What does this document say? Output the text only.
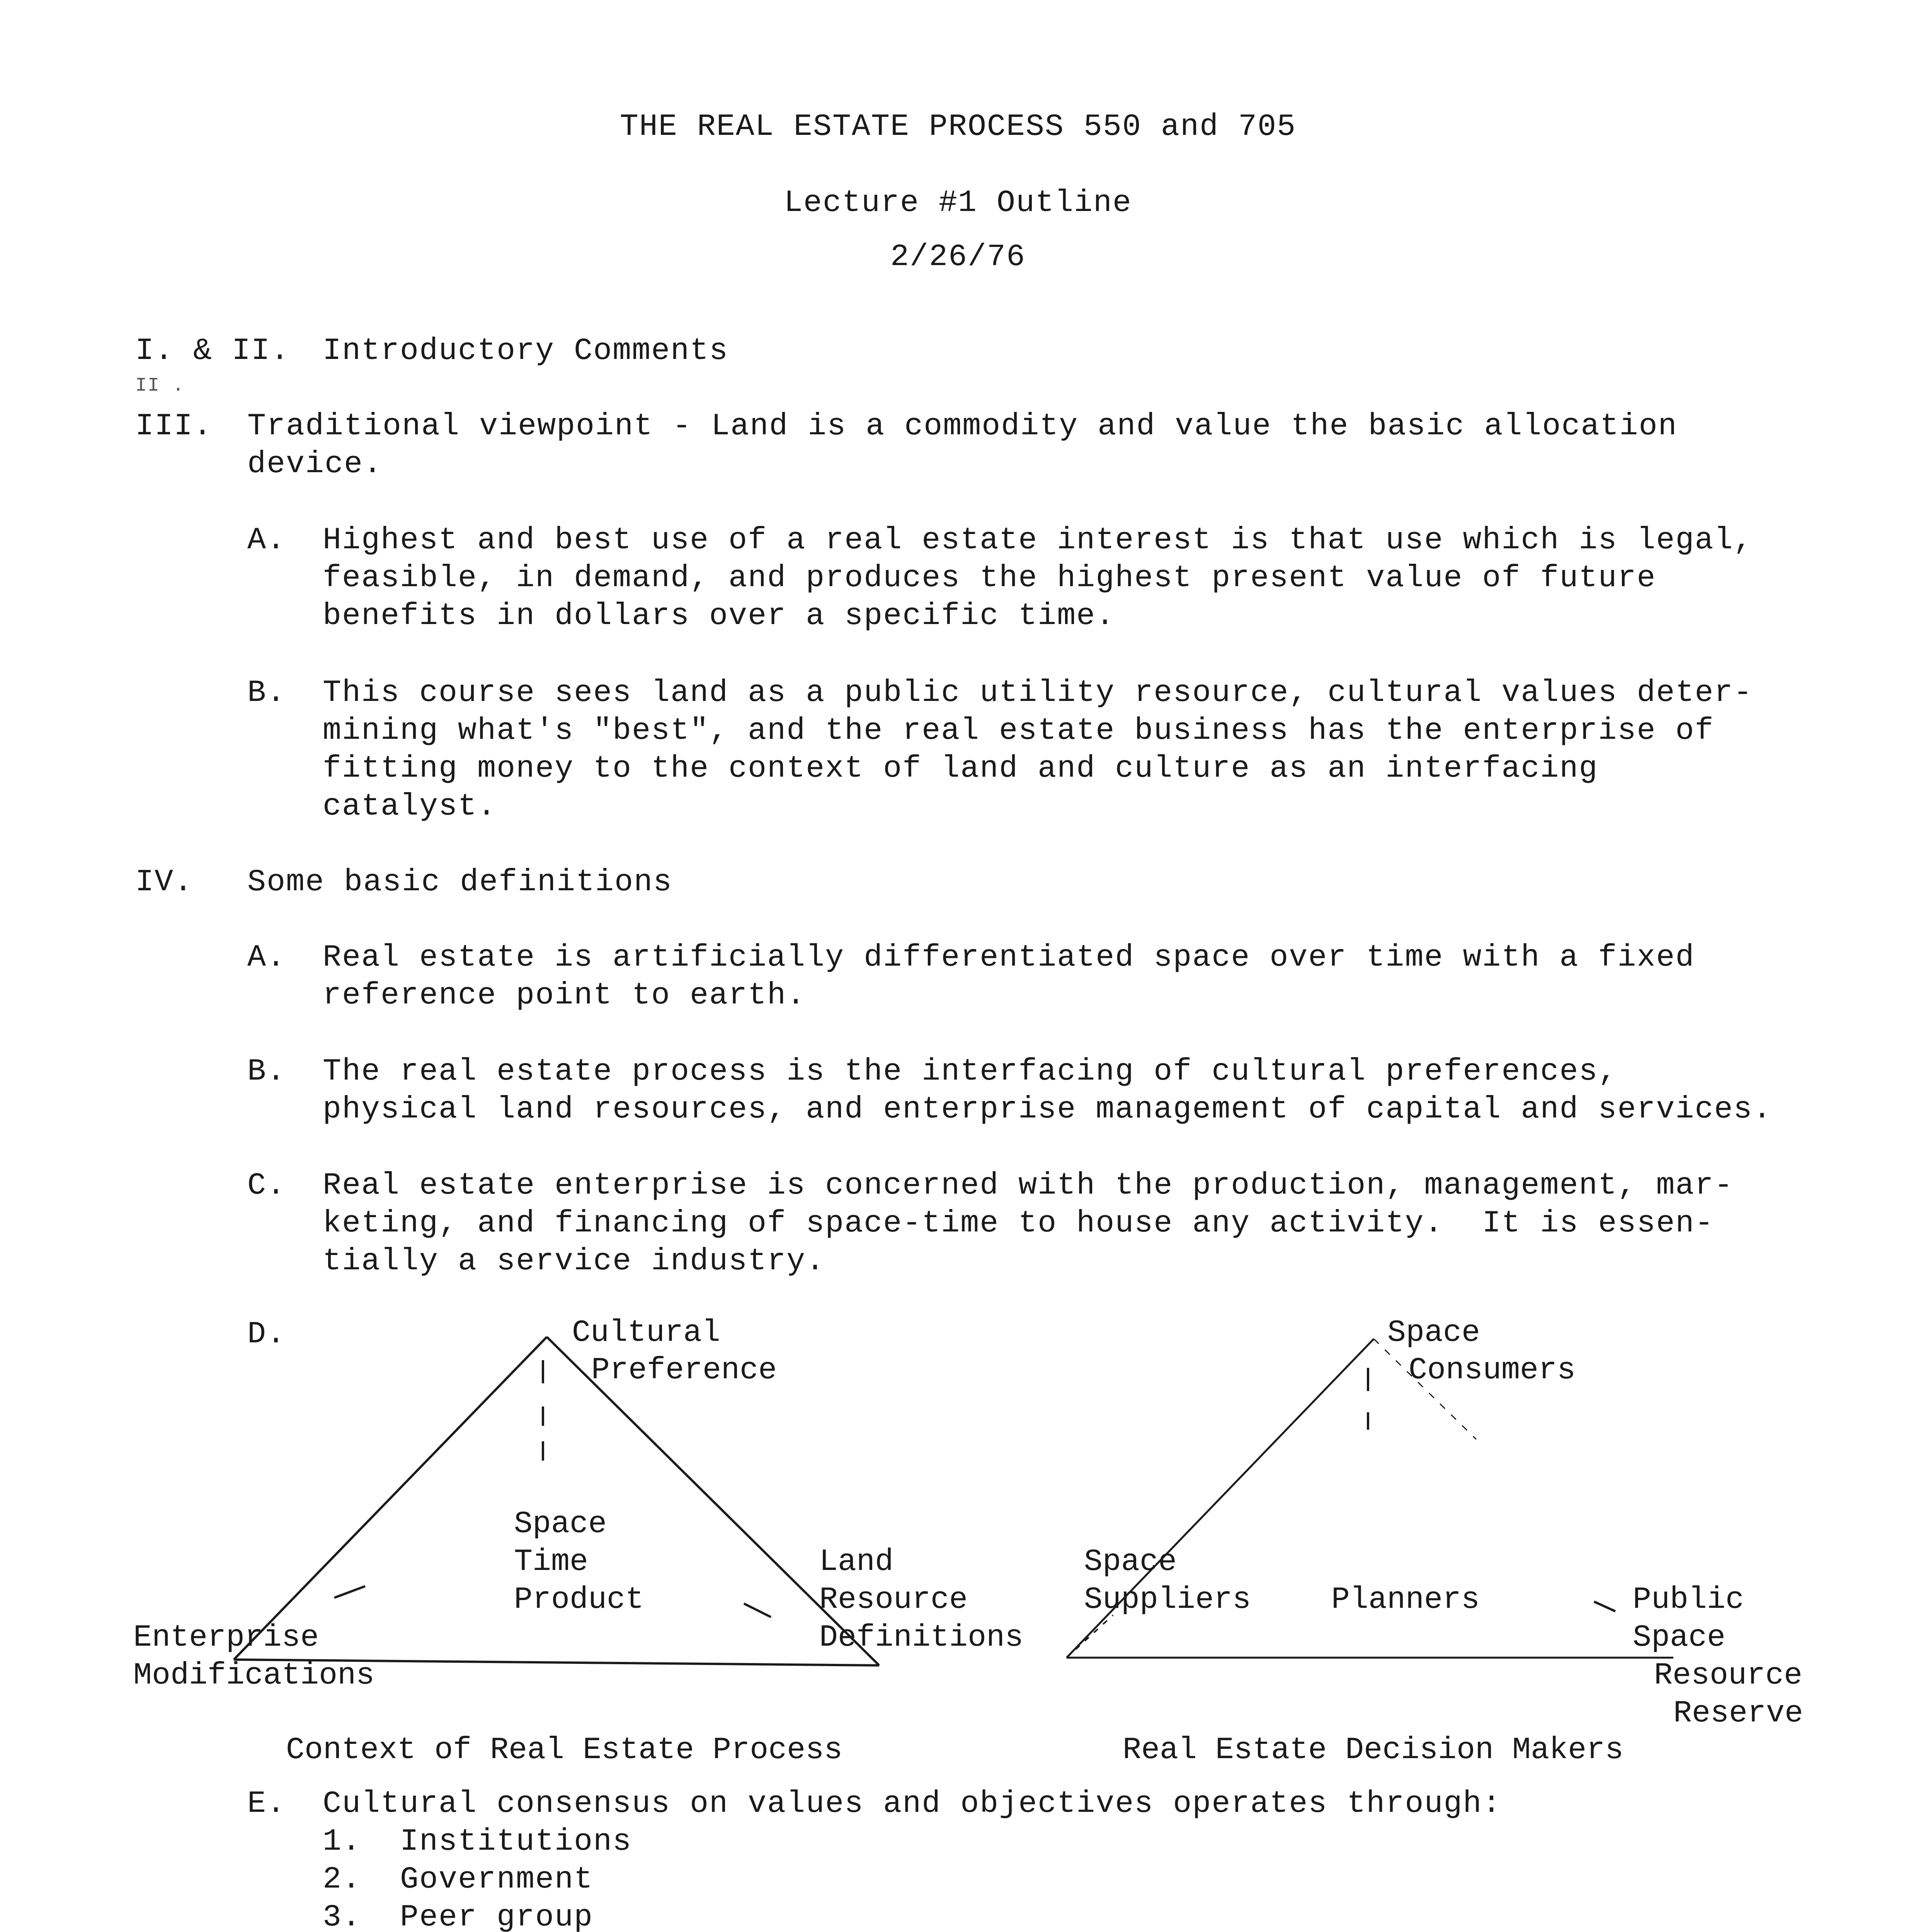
THE REAL ESTATE PROCESS 550 and 705
Lecture #1 Outline
2/26/76
I. & II. Introductory Comments
II .
III. Traditional viewpoint - Land is a commodity and value the basic allocation
device.
A. Highest and best use of a real estate interest is that use which is legal,
feasible, in demand, and produces the highest present value of future
benefits in dollars over a specific time.
B. This course sees land as a public utility resource, cultural values deter-
mining what's "best", and the real estate business has the enterprise of
fitting money to the context of land and culture as an interfacing
catalyst.
IV. Some basic definitions
A. Real estate is artificially differentiated space over time with a fixed
reference point to earth.
B. The real estate process is the interfacing of cultural preferences,
physical land resources, and enterprise management of capital and services.
C. Real estate enterprise is concerned with the production, management, mar-
keting, and financing of space-time to house any activity.  It is essen-
tially a service industry.
D.	Cultural
Preference
Space
Time
Product
Land
Resource
Definitions
Enterprise
Modifications
Context of Real Estate Process
Space
Consumers
Space
Suppliers	Planners	Public
Space
Resource
Reserve
Real Estate Decision Makers
E. Cultural consensus on values and objectives operates through:
1. Institutions
2. Government
3. Peer group
